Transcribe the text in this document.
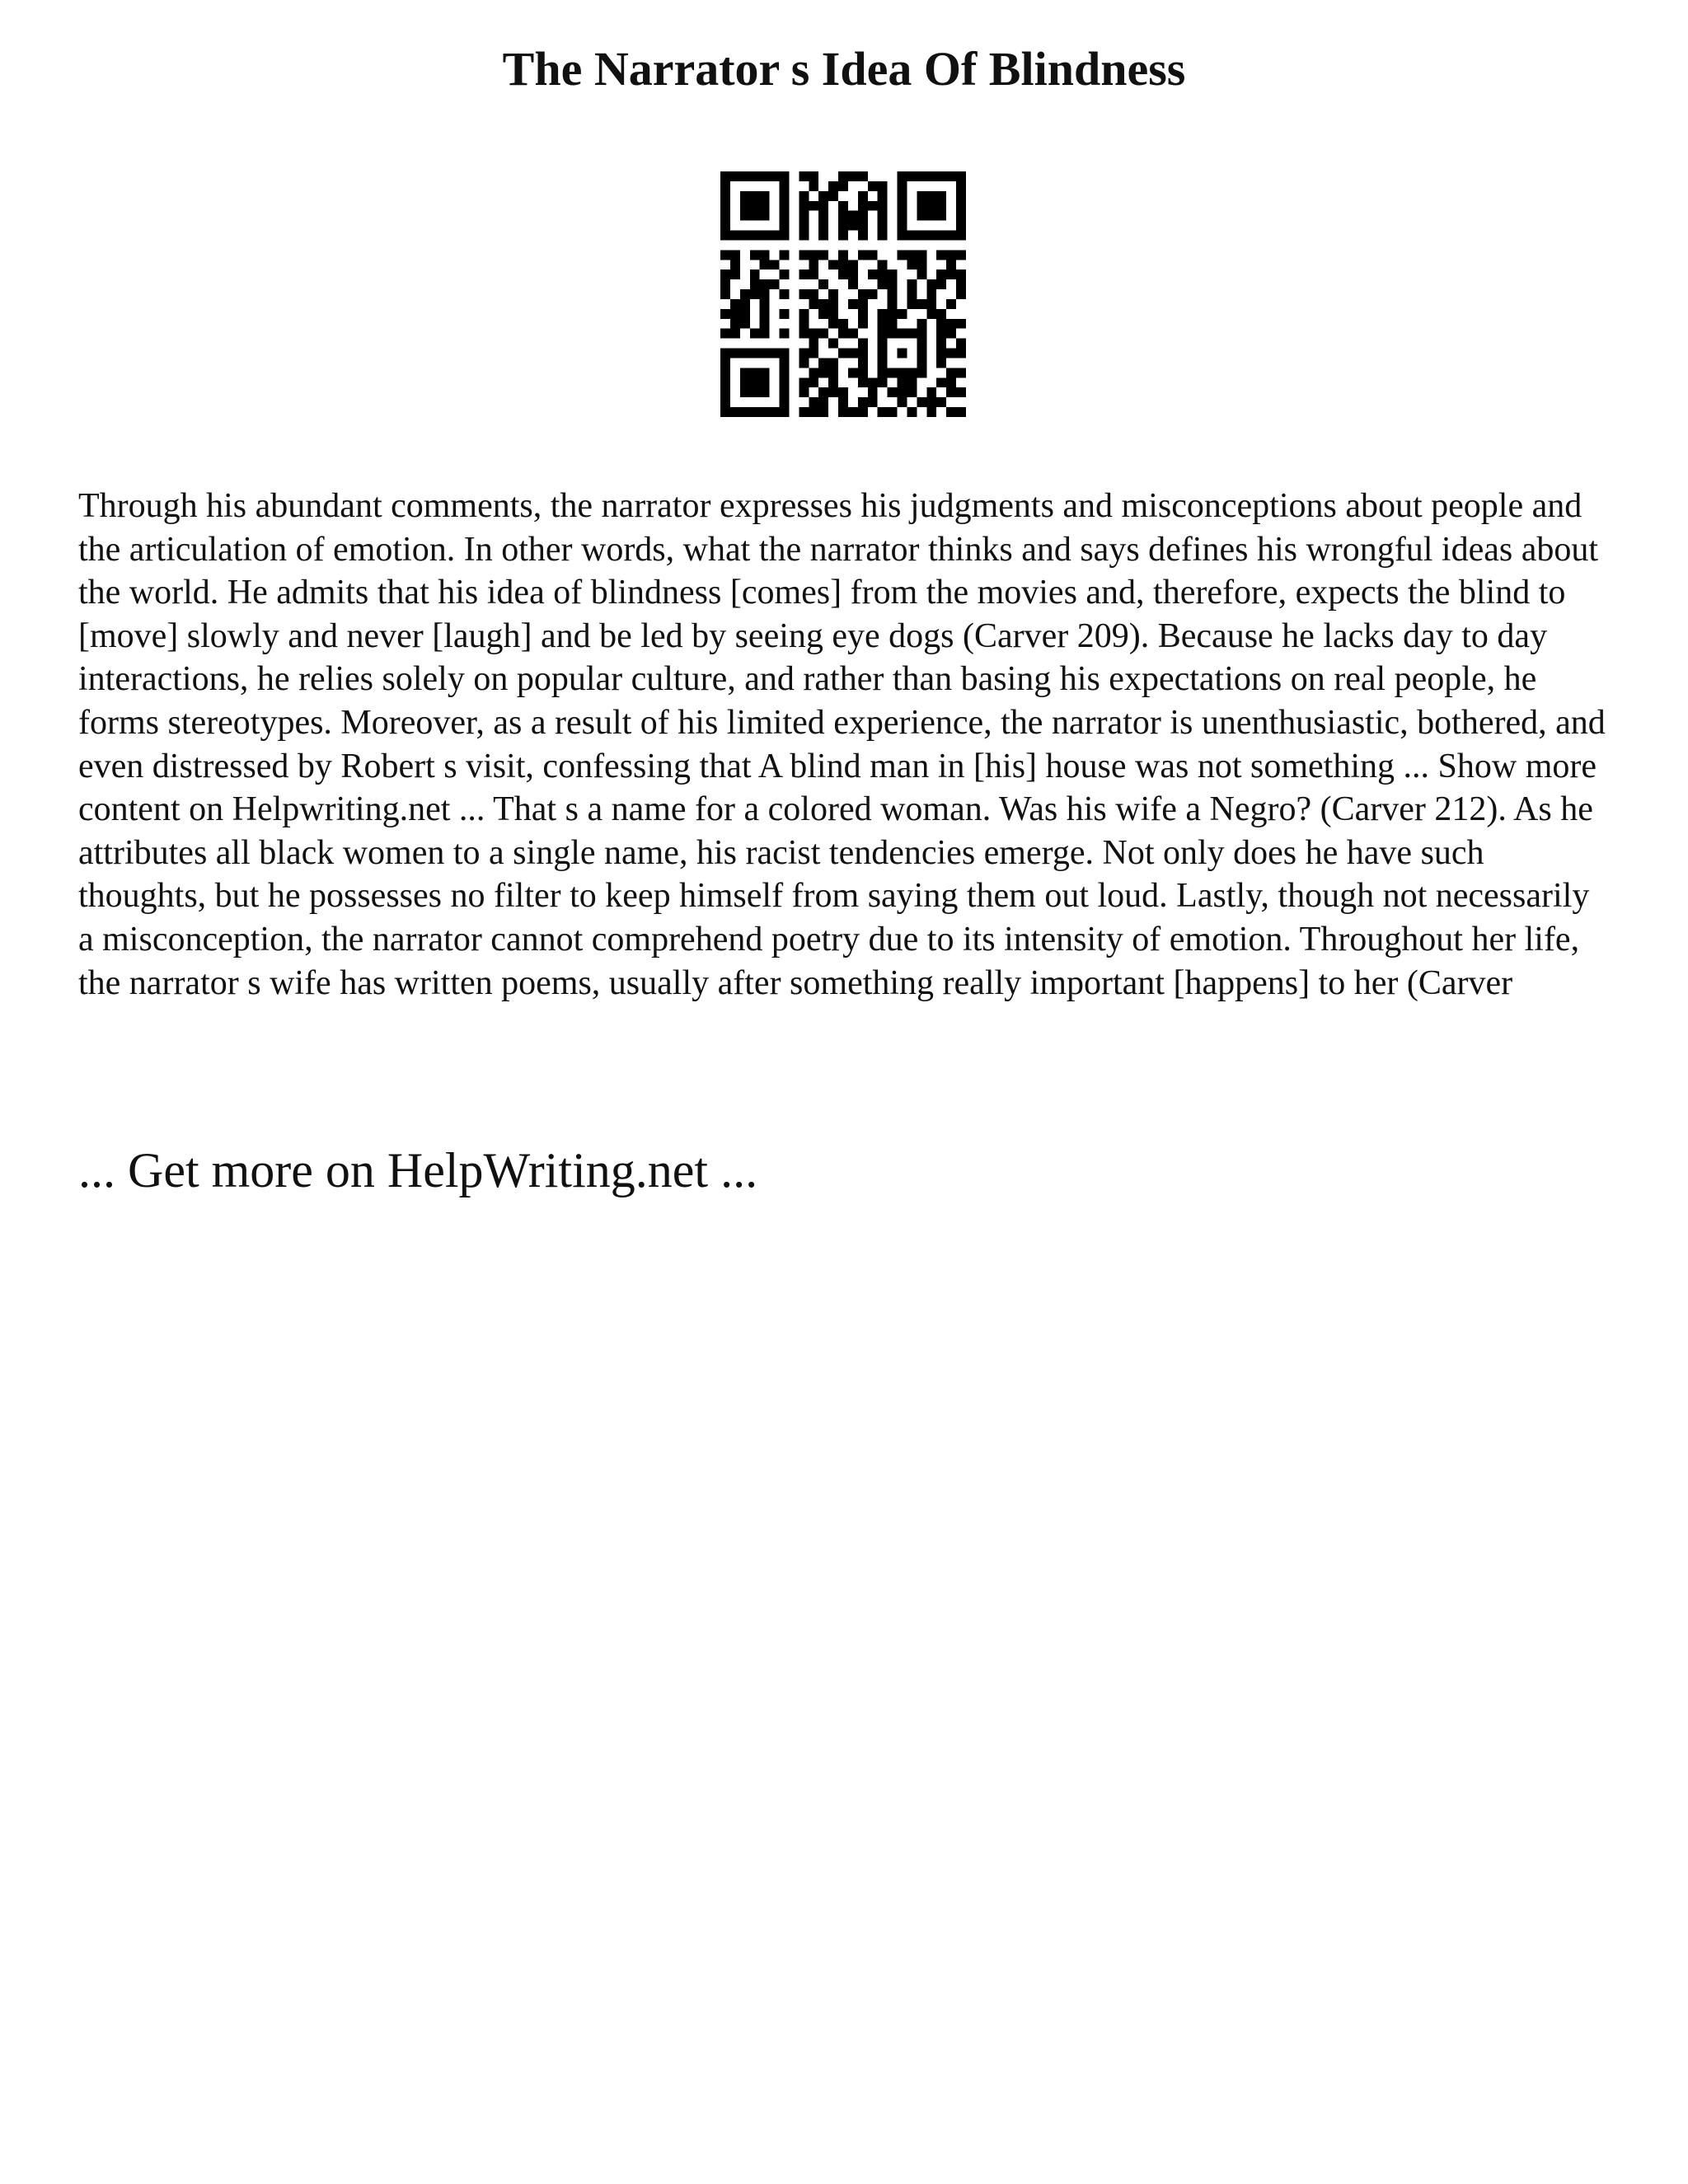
The Narrator s Idea Of Blindness

Through his abundant comments, the narrator expresses his judgments and misconceptions about people and the articulation of emotion. In other words, what the narrator thinks and says defines his wrongful ideas about the world. He admits that his idea of blindness [comes] from the movies and, therefore, expects the blind to [move] slowly and never [laugh] and be led by seeing eye dogs (Carver 209). Because he lacks day to day interactions, he relies solely on popular culture, and rather than basing his expectations on real people, he forms stereotypes. Moreover, as a result of his limited experience, the narrator is unenthusiastic, bothered, and even distressed by Robert s visit, confessing that A blind man in [his] house was not something ... Show more content on Helpwriting.net ... That s a name for a colored woman. Was his wife a Negro? (Carver 212). As he attributes all black women to a single name, his racist tendencies emerge. Not only does he have such thoughts, but he possesses no filter to keep himself from saying them out loud. Lastly, though not necessarily a misconception, the narrator cannot comprehend poetry due to its intensity of emotion. Throughout her life, the narrator s wife has written poems, usually after something really important [happens] to her (Carver

... Get more on HelpWriting.net ...
